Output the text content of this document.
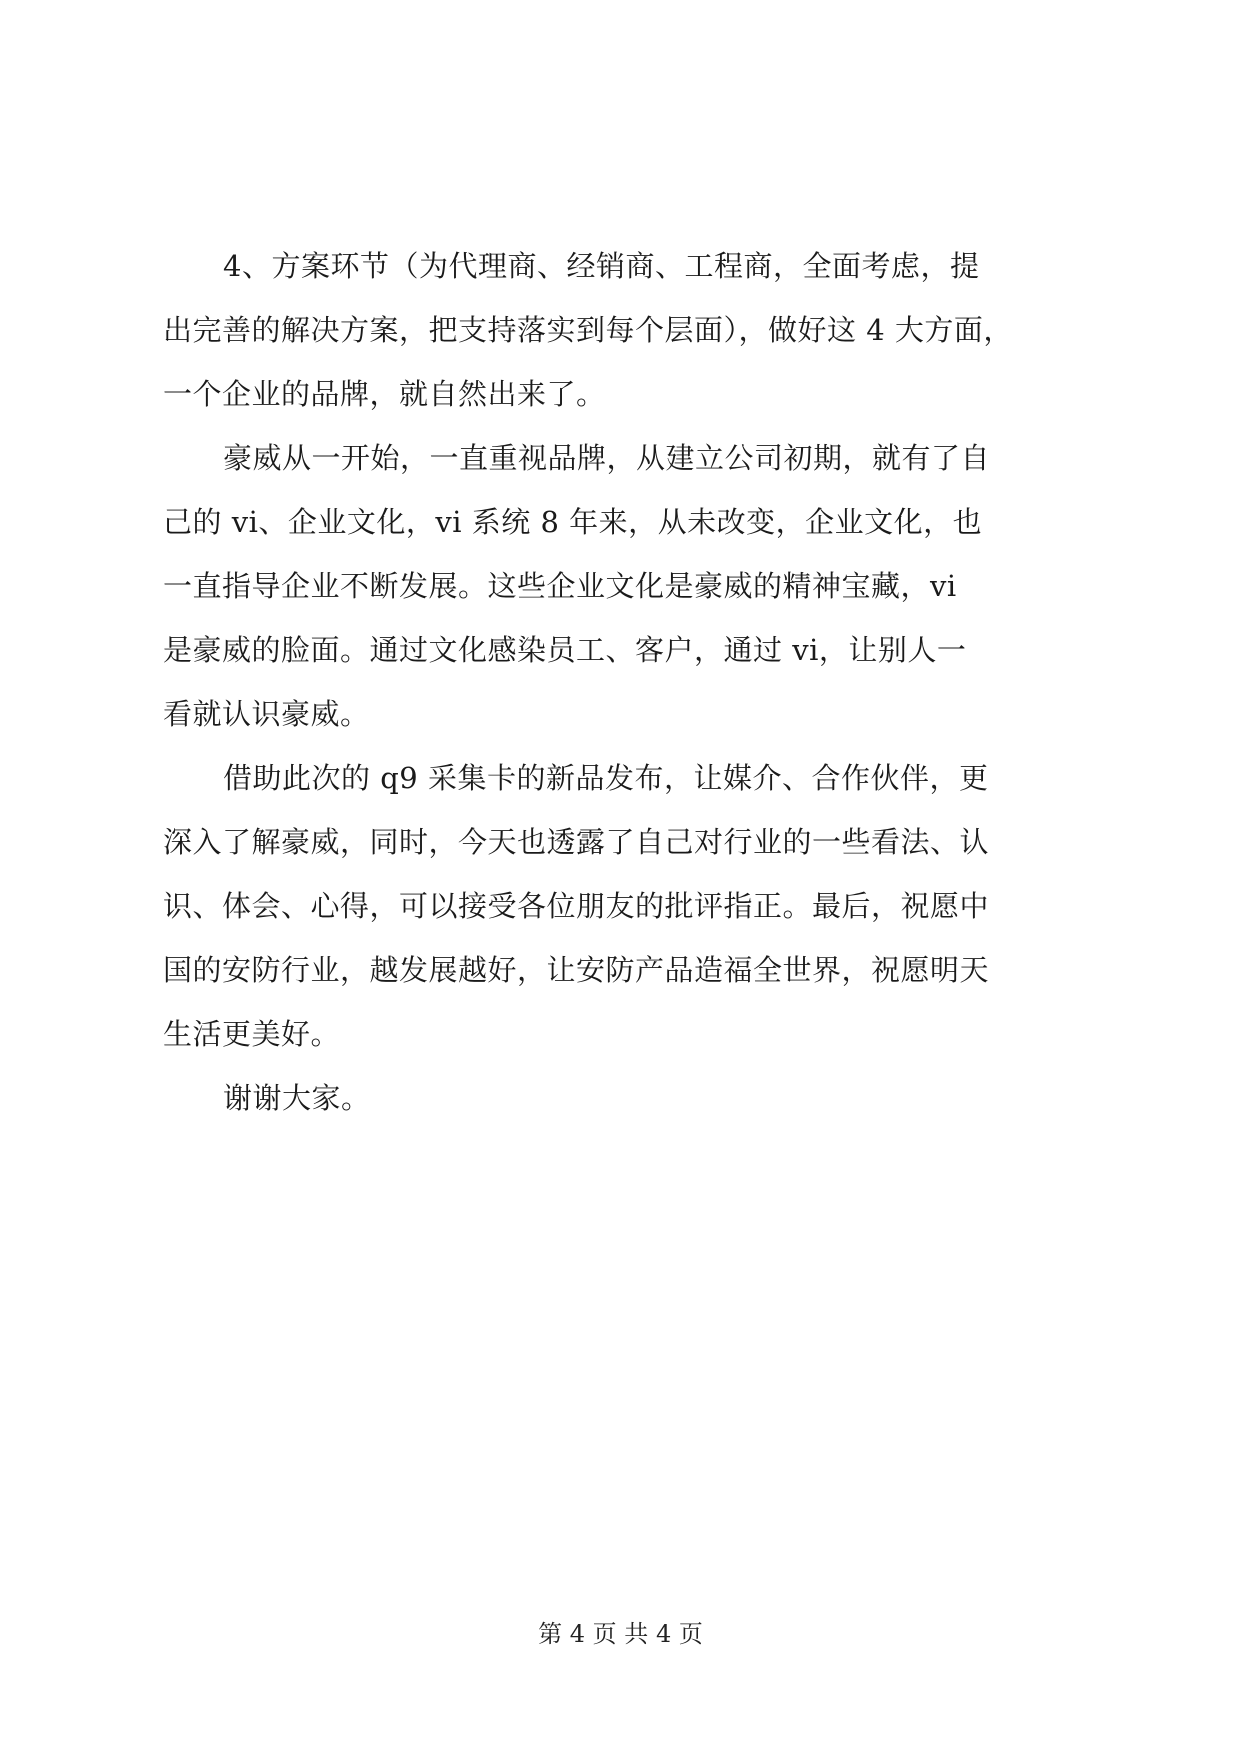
4、方案环节（为代理商、经销商、工程商，全面考虑，提
出完善的解决方案，把支持落实到每个层面），做好这 4 大方面，
一个企业的品牌，就自然出来了。
豪威从一开始，一直重视品牌，从建立公司初期，就有了自
己的 vi、企业文化，vi 系统 8 年来，从未改变，企业文化，也
一直指导企业不断发展。这些企业文化是豪威的精神宝藏，vi
是豪威的脸面。通过文化感染员工、客户，通过 vi，让别人一
看就认识豪威。
借助此次的 q9 采集卡的新品发布，让媒介、合作伙伴，更
深入了解豪威，同时，今天也透露了自己对行业的一些看法、认
识、体会、心得，可以接受各位朋友的批评指正。最后，祝愿中
国的安防行业，越发展越好，让安防产品造福全世界，祝愿明天
生活更美好。
谢谢大家。
第 4 页 共 4 页
